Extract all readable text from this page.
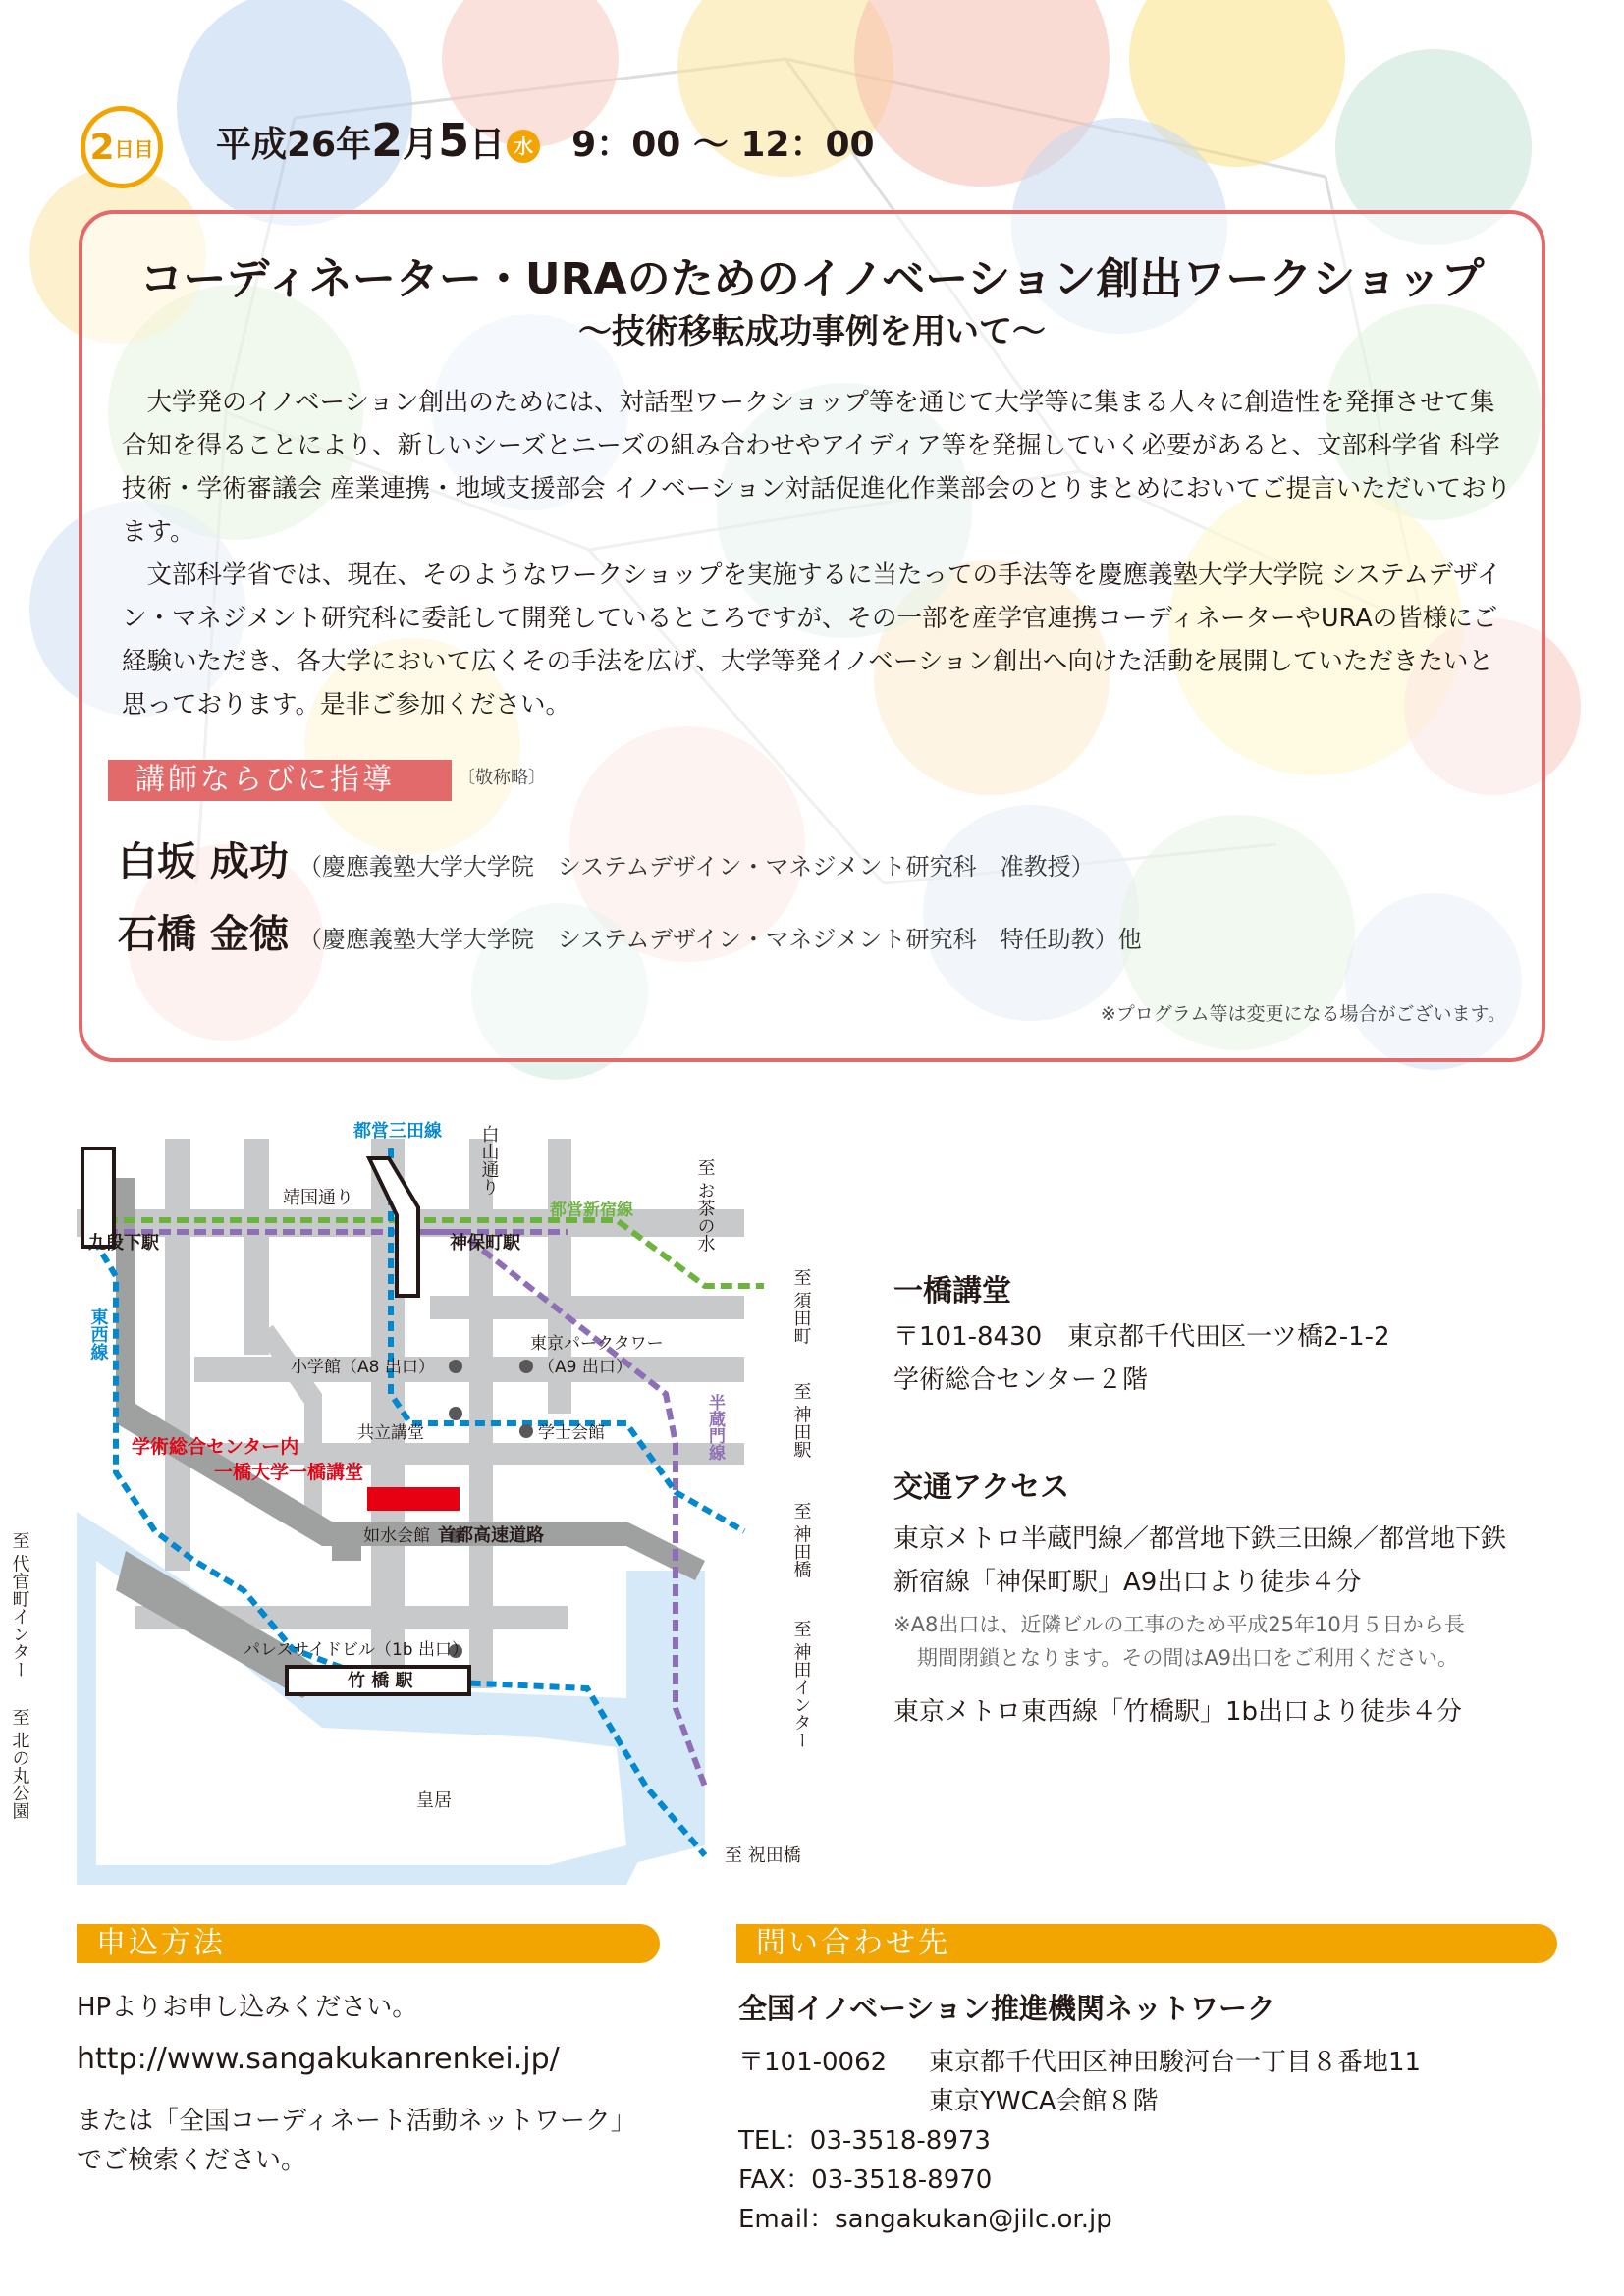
2 日目 平成26年2月5日 水 9：00 ～ 12：00
コーディネーター・URAのためのイノベーション創出ワークショップ
～技術移転成功事例を用いて～

大学発のイノベーション創出のためには、対話型ワークショップ等を通じて大学等に集まる人々に創造性を発揮させて集合知を得ることにより、新しいシーズとニーズの組み合わせやアイディア等を発掘していく必要があると、文部科学省 科学技術・学術審議会 産業連携・地域支援部会 イノベーション対話促進化作業部会のとりまとめにおいてご提言いただいております。

文部科学省では、現在、そのようなワークショップを実施するに当たっての手法等を慶應義塾大学大学院 システムデザイン・マネジメント研究科に委託して開発しているところですが、その一部を産学官連携コーディネーターやURAの皆様にご経験いただき、各大学において広くその手法を広げ、大学等発イノベーション創出へ向けた活動を展開していただきたいと思っております。是非ご参加ください。

講師ならびに指導	〔敬称略〕
白坂 成功 （慶應義塾大学大学院　システムデザイン・マネジメント研究科　准教授）
石橋 金徳 （慶應義塾大学大学院　システムデザイン・マネジメント研究科　特任助教）他
※プログラム等は変更になる場合がございます。
都営三田線 白山通り	至 お茶の水
靖国通り
九段下駅	神保町駅
都営新宿線
至 須田町
東西線
小学館（A8 出口）
東京パークタワー
（A9 出口）
半蔵門線	至 神田駅
共立講堂	学士会館
学術総合センター内
一橋大学一橋講堂
如水会館	至 神田橋
首都高速道路
至 代官町インター	パレスサイドビル（1b 出口）
竹 橋 駅	至 神田インター
至 北の丸公園	皇居
至 祝田橋
一橋講堂
〒101-8430　東京都千代田区一ツ橋2-1-2
学術総合センター２階
交通アクセス
東京メトロ半蔵門線／都営地下鉄三田線／都営地下鉄
新宿線「神保町駅」A9出口より徒歩４分
※A8出口は、近隣ビルの工事のため平成25年10月５日から長
期間閉鎖となります。その間はA9出口をご利用ください。
東京メトロ東西線「竹橋駅」1b出口より徒歩４分
申込方法
HPよりお申し込みください。
http://www.sangakukanrenkei.jp/
または「全国コーディネート活動ネットワーク」
でご検索ください。
問い合わせ先
全国イノベーション推進機関ネットワーク
〒101-0062 東京都千代田区神田駿河台一丁目８番地11
東京YWCA会館８階
TEL：03-3518-8973
FAX：03-3518-8970
Email：sangakukan@jilc.or.jp
